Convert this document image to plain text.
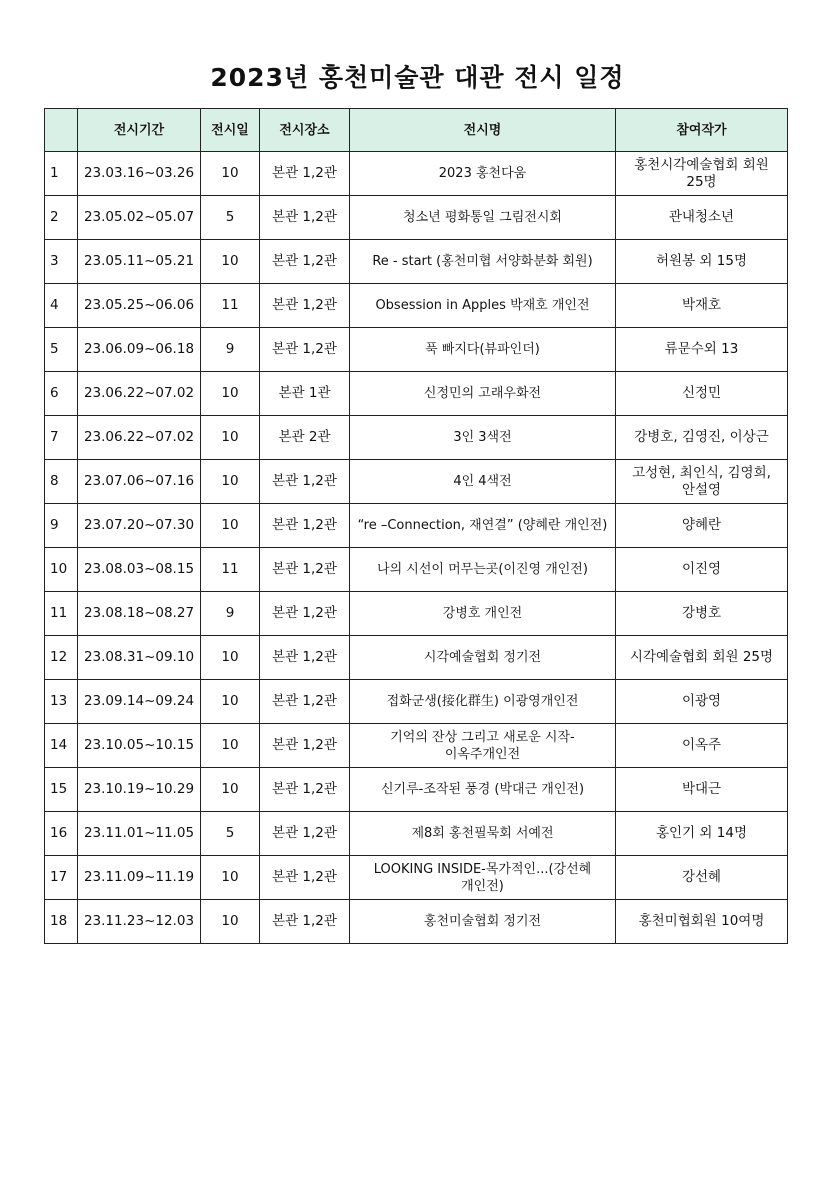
2023년 홍천미술관 대관 전시 일정
	전시기간	전시일	전시장소	전시명	참여작가
1	23.03.16~03.26	10	본관 1,2관	2023 홍천다움	홍천시각예술협회 회원 25명
2	23.05.02~05.07	5	본관 1,2관	청소년 평화통일 그림전시회	관내청소년
3	23.05.11~05.21	10	본관 1,2관	Re - start (홍천미협 서양화분화 회원)	허원봉 외 15명
4	23.05.25~06.06	11	본관 1,2관	Obsession in Apples 박재호 개인전	박재호
5	23.06.09~06.18	9	본관 1,2관	푹 빠지다(뷰파인더)	류문수외 13
6	23.06.22~07.02	10	본관 1관	신정민의 고래우화전	신정민
7	23.06.22~07.02	10	본관 2관	3인 3색전	강병호, 김영진, 이상근
8	23.07.06~07.16	10	본관 1,2관	4인 4색전	고성현, 최인식, 김영희, 안설영
9	23.07.20~07.30	10	본관 1,2관	“re –Connection, 재연결” (양혜란 개인전)	양혜란
10	23.08.03~08.15	11	본관 1,2관	나의 시선이 머무는곳(이진영 개인전)	이진영
11	23.08.18~08.27	9	본관 1,2관	강병호 개인전	강병호
12	23.08.31~09.10	10	본관 1,2관	시각예술협회 정기전	시각예술협회 회원 25명
13	23.09.14~09.24	10	본관 1,2관	접화군생(接化群生) 이광영개인전	이광영
14	23.10.05~10.15	10	본관 1,2관	기억의 잔상 그리고 새로운 시작-이옥주개인전	이옥주
15	23.10.19~10.29	10	본관 1,2관	신기루-조작된 풍경 (박대근 개인전)	박대근
16	23.11.01~11.05	5	본관 1,2관	제8회 홍천필묵회 서예전	홍인기 외 14명
17	23.11.09~11.19	10	본관 1,2관	LOOKING INSIDE-목가적인...(강선혜 개인전)	강선혜
18	23.11.23~12.03	10	본관 1,2관	홍천미술협회 정기전	홍천미협회원 10여명
